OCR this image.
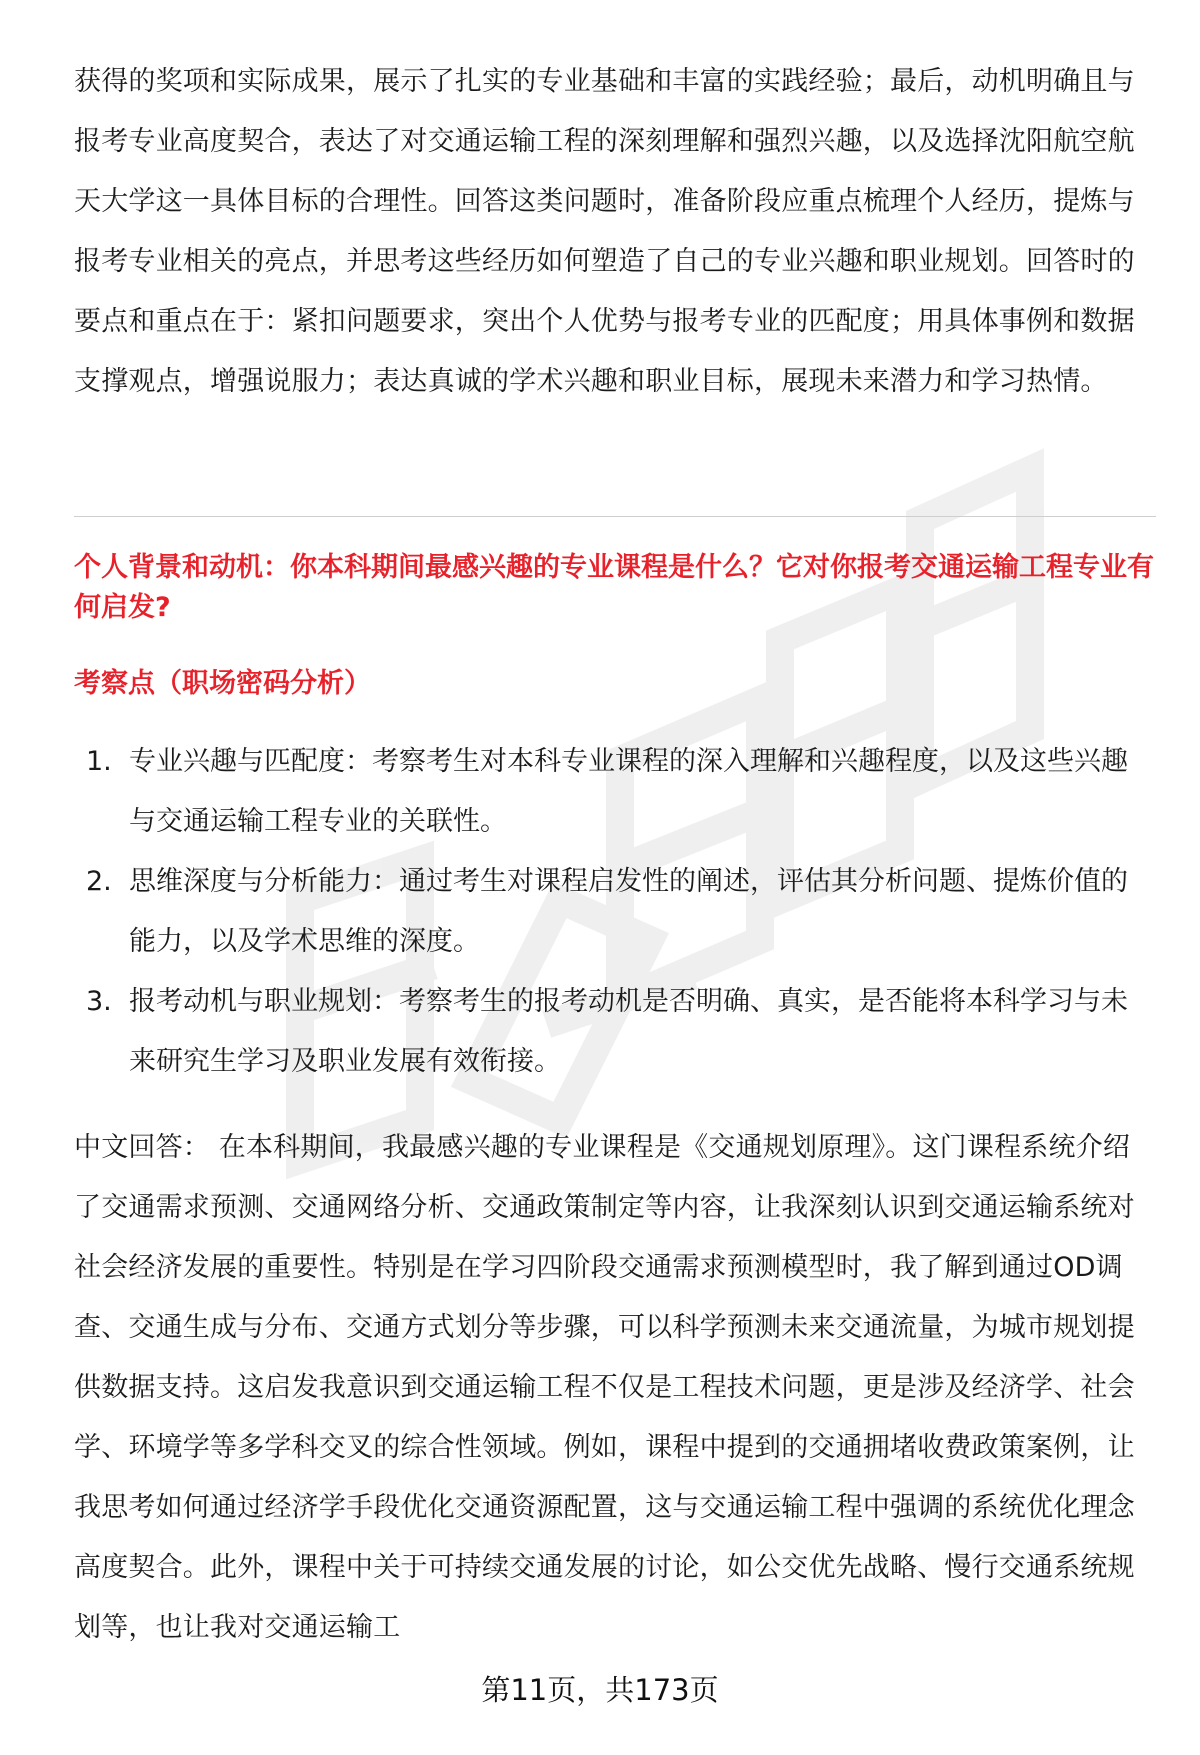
获得的奖项和实际成果，展示了扎实的专业基础和丰富的实践经验；最后，动机明确且与报考专业高度契合，表达了对交通运输工程的深刻理解和强烈兴趣，以及选择沈阳航空航天大学这一具体目标的合理性。回答这类问题时，准备阶段应重点梳理个人经历，提炼与报考专业相关的亮点，并思考这些经历如何塑造了自己的专业兴趣和职业规划。回答时的要点和重点在于：紧扣问题要求，突出个人优势与报考专业的匹配度；用具体事例和数据支撑观点，增强说服力；表达真诚的学术兴趣和职业目标，展现未来潜力和学习热情。

个人背景和动机：你本科期间最感兴趣的专业课程是什么？它对你报考交通运输工程专业有何启发?

考察点（职场密码分析）

1. 专业兴趣与匹配度：考察考生对本科专业课程的深入理解和兴趣程度，以及这些兴趣与交通运输工程专业的关联性。
2. 思维深度与分析能力：通过考生对课程启发性的阐述，评估其分析问题、提炼价值的能力，以及学术思维的深度。
3. 报考动机与职业规划：考察考生的报考动机是否明确、真实，是否能将本科学习与未来研究生学习及职业发展有效衔接。

中文回答： 在本科期间，我最感兴趣的专业课程是《交通规划原理》。这门课程系统介绍了交通需求预测、交通网络分析、交通政策制定等内容，让我深刻认识到交通运输系统对社会经济发展的重要性。特别是在学习四阶段交通需求预测模型时，我了解到通过OD调查、交通生成与分布、交通方式划分等步骤，可以科学预测未来交通流量，为城市规划提供数据支持。这启发我意识到交通运输工程不仅是工程技术问题，更是涉及经济学、社会学、环境学等多学科交叉的综合性领域。例如，课程中提到的交通拥堵收费政策案例，让我思考如何通过经济学手段优化交通资源配置，这与交通运输工程中强调的系统优化理念高度契合。此外，课程中关于可持续交通发展的讨论，如公交优先战略、慢行交通系统规划等，也让我对交通运输工

第11页，共173页
